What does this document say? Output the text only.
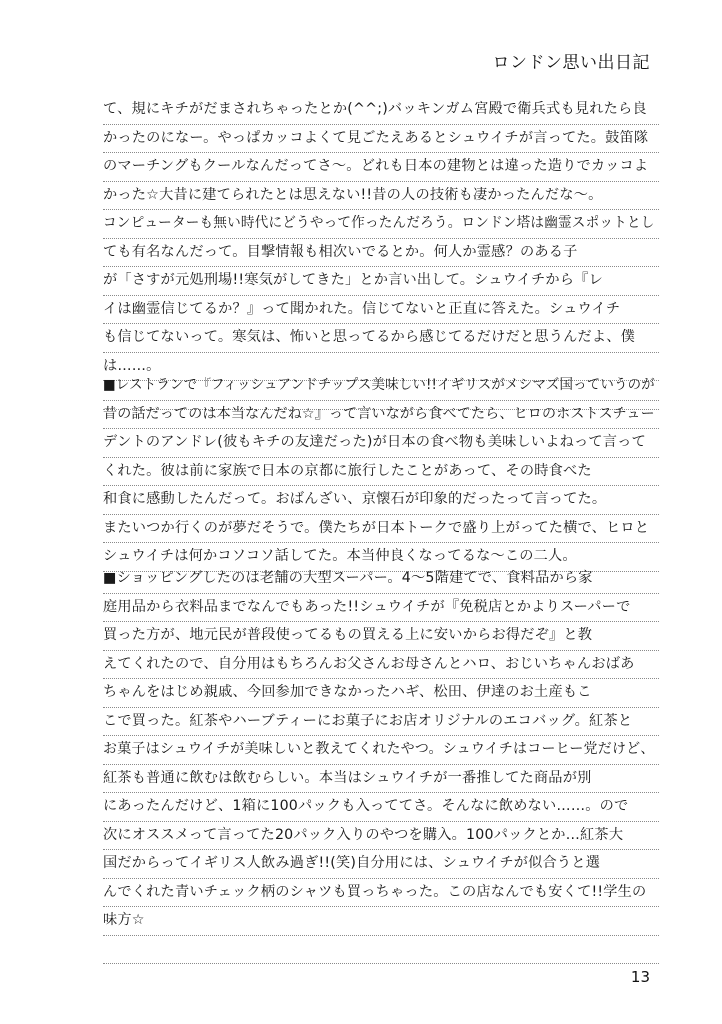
ロンドン思い出日記
て、規にキチがだまされちゃったとか(^^;)バッキンガム宮殿で衛兵式も見れたら良
かったのになー。やっぱカッコよくて見ごたえあるとシュウイチが言ってた。鼓笛隊
のマーチングもクールなんだってさ～。どれも日本の建物とは違った造りでカッコよ
かった☆大昔に建てられたとは思えない!!昔の人の技術も凄かったんだな～。
コンピューターも無い時代にどうやって作ったんだろう。ロンドン塔は幽霊スポットとし
ても有名なんだって。目撃情報も相次いでるとか。何人か霊感？のある子
が「さすが元処刑場!!寒気がしてきた」とか言い出して。シュウイチから『レ
イは幽霊信じてるか？』って聞かれた。信じてないと正直に答えた。シュウイチ
も信じてないって。寒気は、怖いと思ってるから感じてるだけだと思うんだよ、僕
は……。
■レストランで『フィッシュアンドチップス美味しい!!イギリスがメシマズ国っていうのが
昔の話だってのは本当なんだね☆』って言いながら食べてたら、ヒロのホストスチュー
デントのアンドレ(彼もキチの友達だった)が日本の食べ物も美味しいよねって言って
くれた。彼は前に家族で日本の京都に旅行したことがあって、その時食べた
和食に感動したんだって。おばんざい、京懐石が印象的だったって言ってた。
またいつか行くのが夢だそうで。僕たちが日本トークで盛り上がってた横で、ヒロと
シュウイチは何かコソコソ話してた。本当仲良くなってるな～この二人。
■ショッピングしたのは老舗の大型スーパー。4～5階建てで、食料品から家
庭用品から衣料品までなんでもあった!!シュウイチが『免税店とかよりスーパーで
買った方が、地元民が普段使ってるもの買える上に安いからお得だぞ』と教
えてくれたので、自分用はもちろんお父さんお母さんとハロ、おじいちゃんおばあ
ちゃんをはじめ親戚、今回参加できなかったハギ、松田、伊達のお土産もこ
こで買った。紅茶やハーブティーにお菓子にお店オリジナルのエコバッグ。紅茶と
お菓子はシュウイチが美味しいと教えてくれたやつ。シュウイチはコーヒー党だけど、
紅茶も普通に飲むは飲むらしい。本当はシュウイチが一番推してた商品が別
にあったんだけど、1箱に100パックも入っててさ。そんなに飲めない……。ので
次にオススメって言ってた20パック入りのやつを購入。100パックとか…紅茶大
国だからってイギリス人飲み過ぎ!!(笑)自分用には、シュウイチが似合うと選
んでくれた青いチェック柄のシャツも買っちゃった。この店なんでも安くて!!学生の
味方☆
13
